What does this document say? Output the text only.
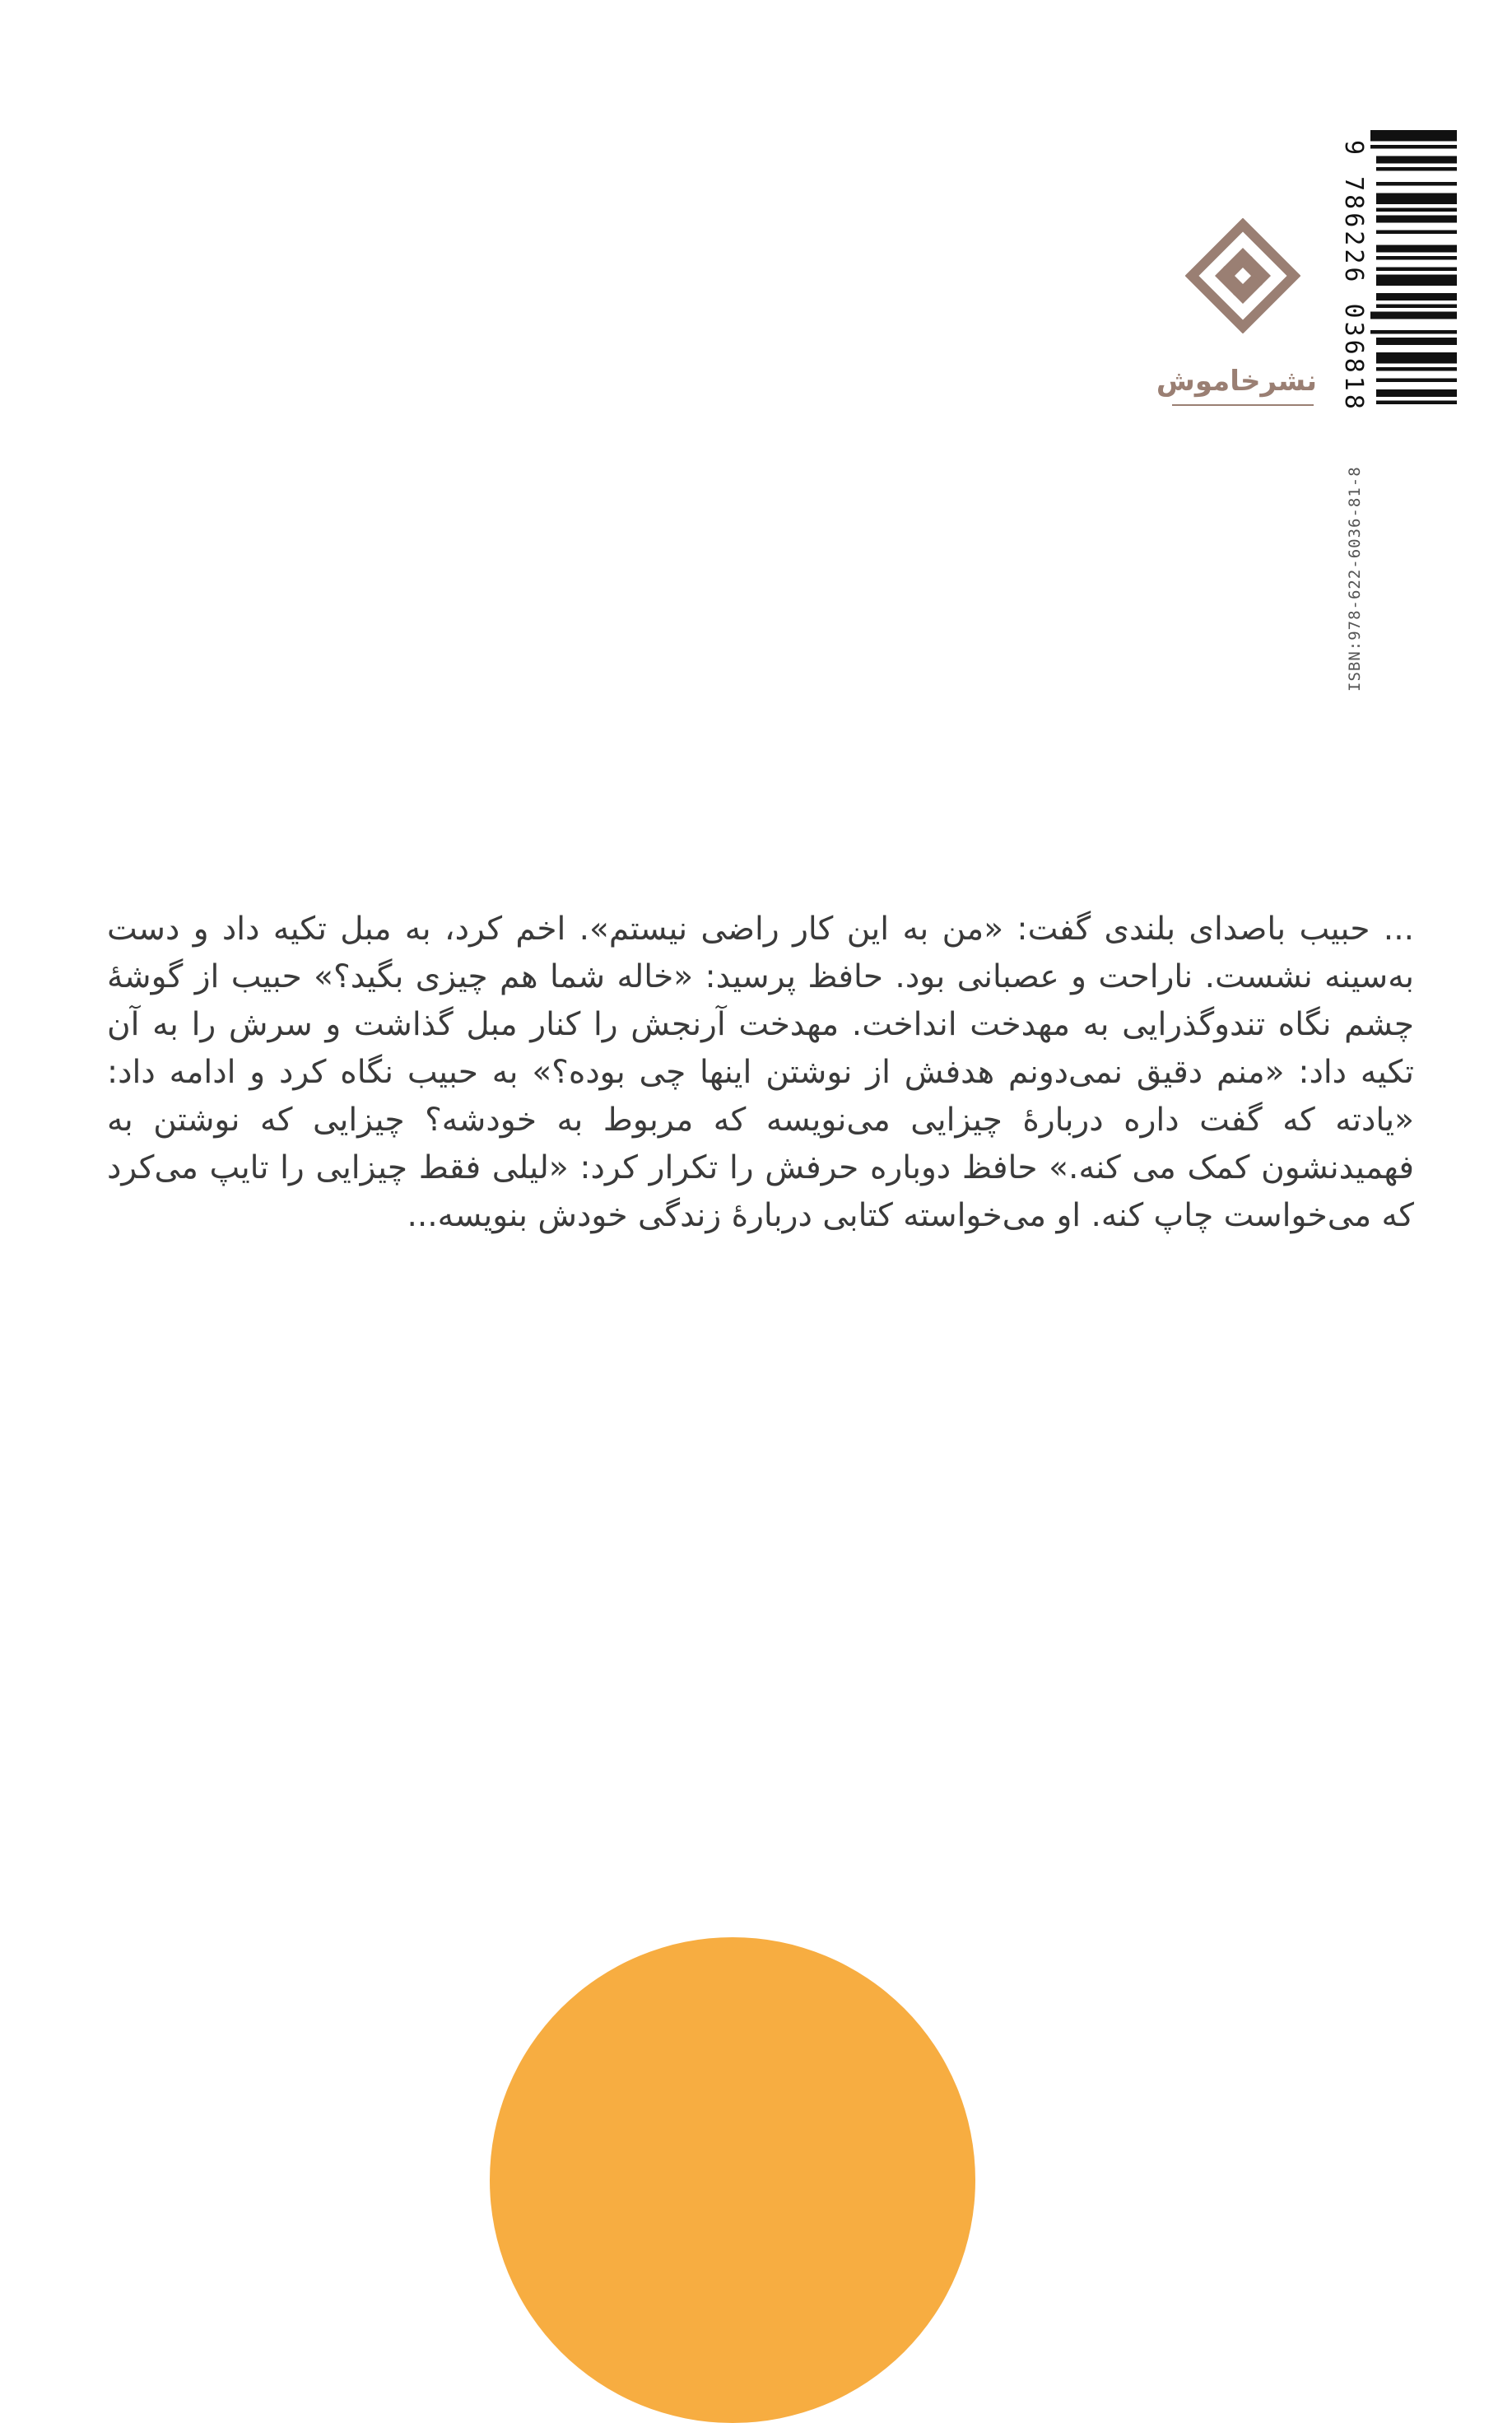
9 786226 036818
ISBN:978-622-6036-81-8
نشرخاموش
... حبیب باصدای بلندی گفت: «من به این کار راضی نیستم». اخم کرد، به مبل تکیه داد و دست به‌سینه نشست. ناراحت و عصبانی بود. حافظ پرسید: «خاله شما هم چیزی بگید؟» حبیب از گوشهٔ چشم نگاه تندوگذرایی به مهدخت انداخت. مهدخت آرنجش را کنار مبل گذاشت و سرش را به آن تکیه داد: «منم دقیق نمی‌دونم هدفش از نوشتن اینها چی بوده؟» به حبیب نگاه کرد و ادامه داد: «یادته که گفت داره دربارهٔ چیزایی می‌نویسه که مربوط به خودشه؟ چیزایی که نوشتن به فهمیدنشون کمک می کنه.» حافظ دوباره حرفش را تکرار کرد: «لیلی فقط چیزایی را تایپ می‌کرد که می‌خواست چاپ کنه. او می‌خواسته کتابی دربارهٔ زندگی خودش بنویسه...
